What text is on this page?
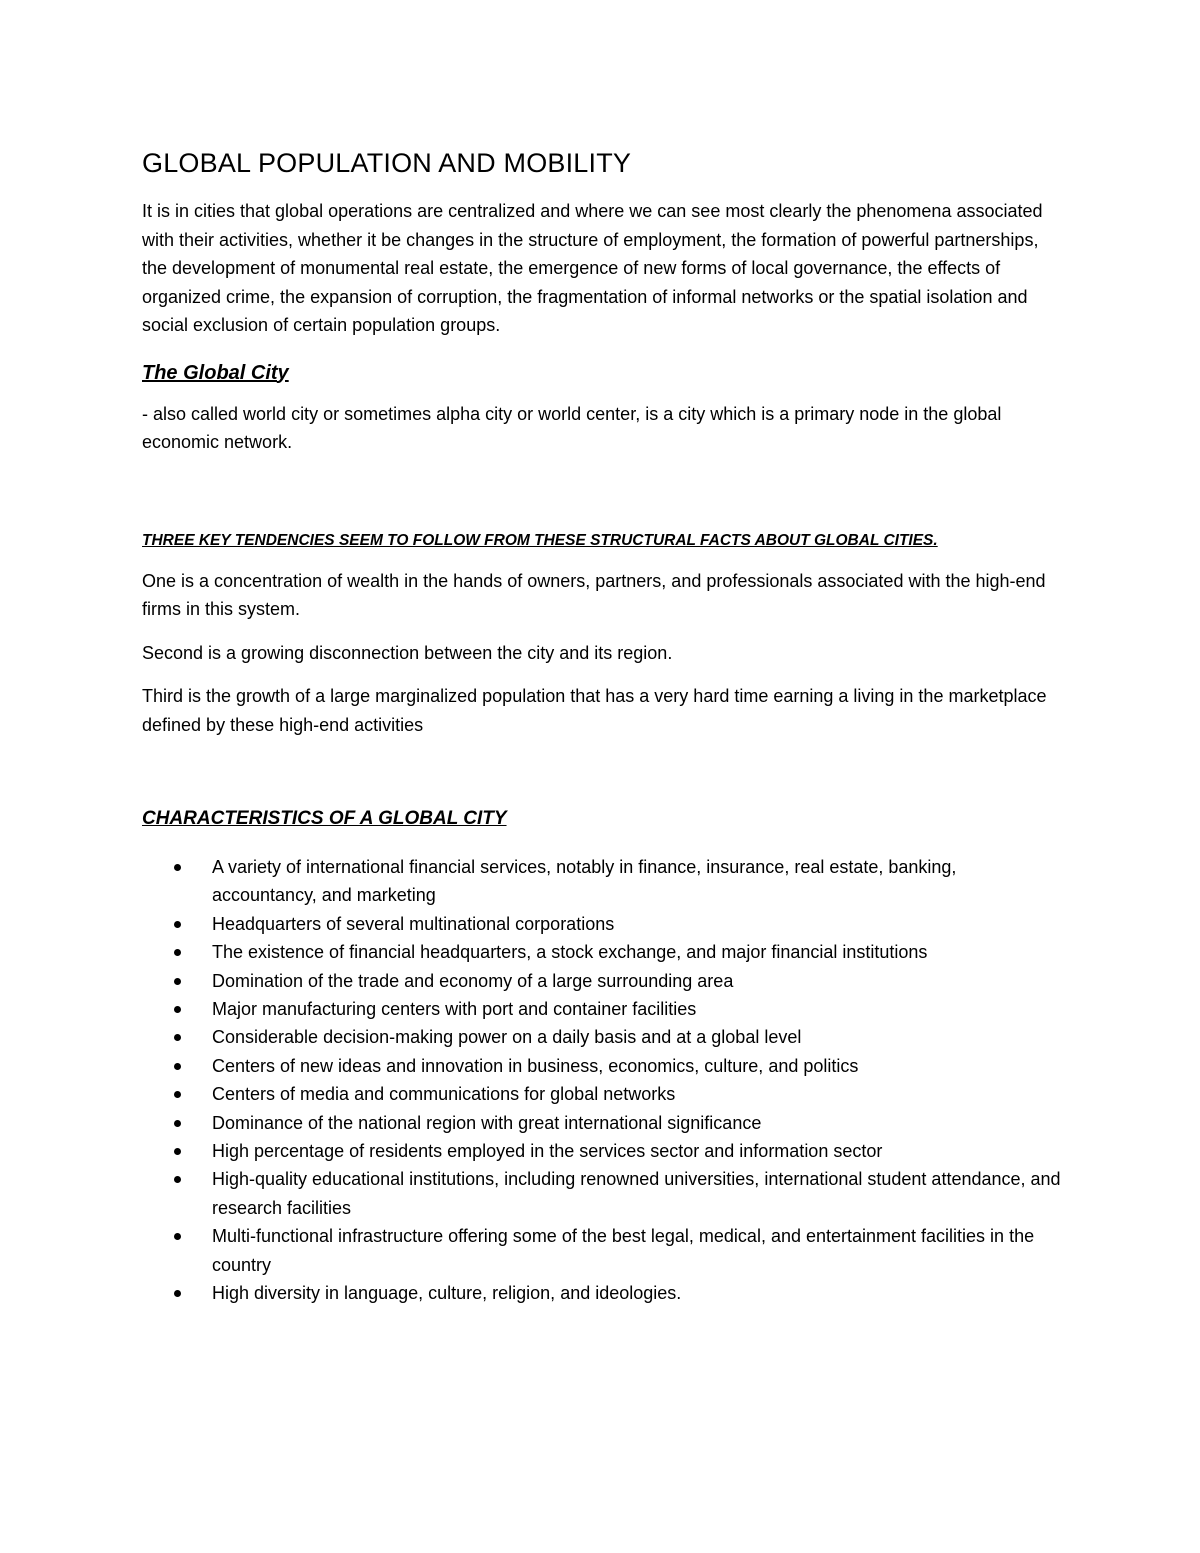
GLOBAL POPULATION AND MOBILITY

It is in cities that global operations are centralized and where we can see most clearly the phenomena associated with their activities, whether it be changes in the structure of employment, the formation of powerful partnerships, the development of monumental real estate, the emergence of new forms of local governance, the effects of organized crime, the expansion of corruption, the fragmentation of informal networks or the spatial isolation and social exclusion of certain population groups.

The Global City

- also called world city or sometimes alpha city or world center, is a city which is a primary node in the global economic network.

THREE KEY TENDENCIES SEEM TO FOLLOW FROM THESE STRUCTURAL FACTS ABOUT GLOBAL CITIES.

One is a concentration of wealth in the hands of owners, partners, and professionals associated with the high-end firms in this system.

Second is a growing disconnection between the city and its region.

Third is the growth of a large marginalized population that has a very hard time earning a living in the marketplace defined by these high-end activities

CHARACTERISTICS OF A GLOBAL CITY
A variety of international financial services, notably in finance, insurance, real estate, banking, accountancy, and marketing
Headquarters of several multinational corporations
The existence of financial headquarters, a stock exchange, and major financial institutions
Domination of the trade and economy of a large surrounding area
Major manufacturing centers with port and container facilities
Considerable decision-making power on a daily basis and at a global level
Centers of new ideas and innovation in business, economics, culture, and politics
Centers of media and communications for global networks
Dominance of the national region with great international significance
High percentage of residents employed in the services sector and information sector
High-quality educational institutions, including renowned universities, international student attendance, and research facilities
Multi-functional infrastructure offering some of the best legal, medical, and entertainment facilities in the country
High diversity in language, culture, religion, and ideologies.
